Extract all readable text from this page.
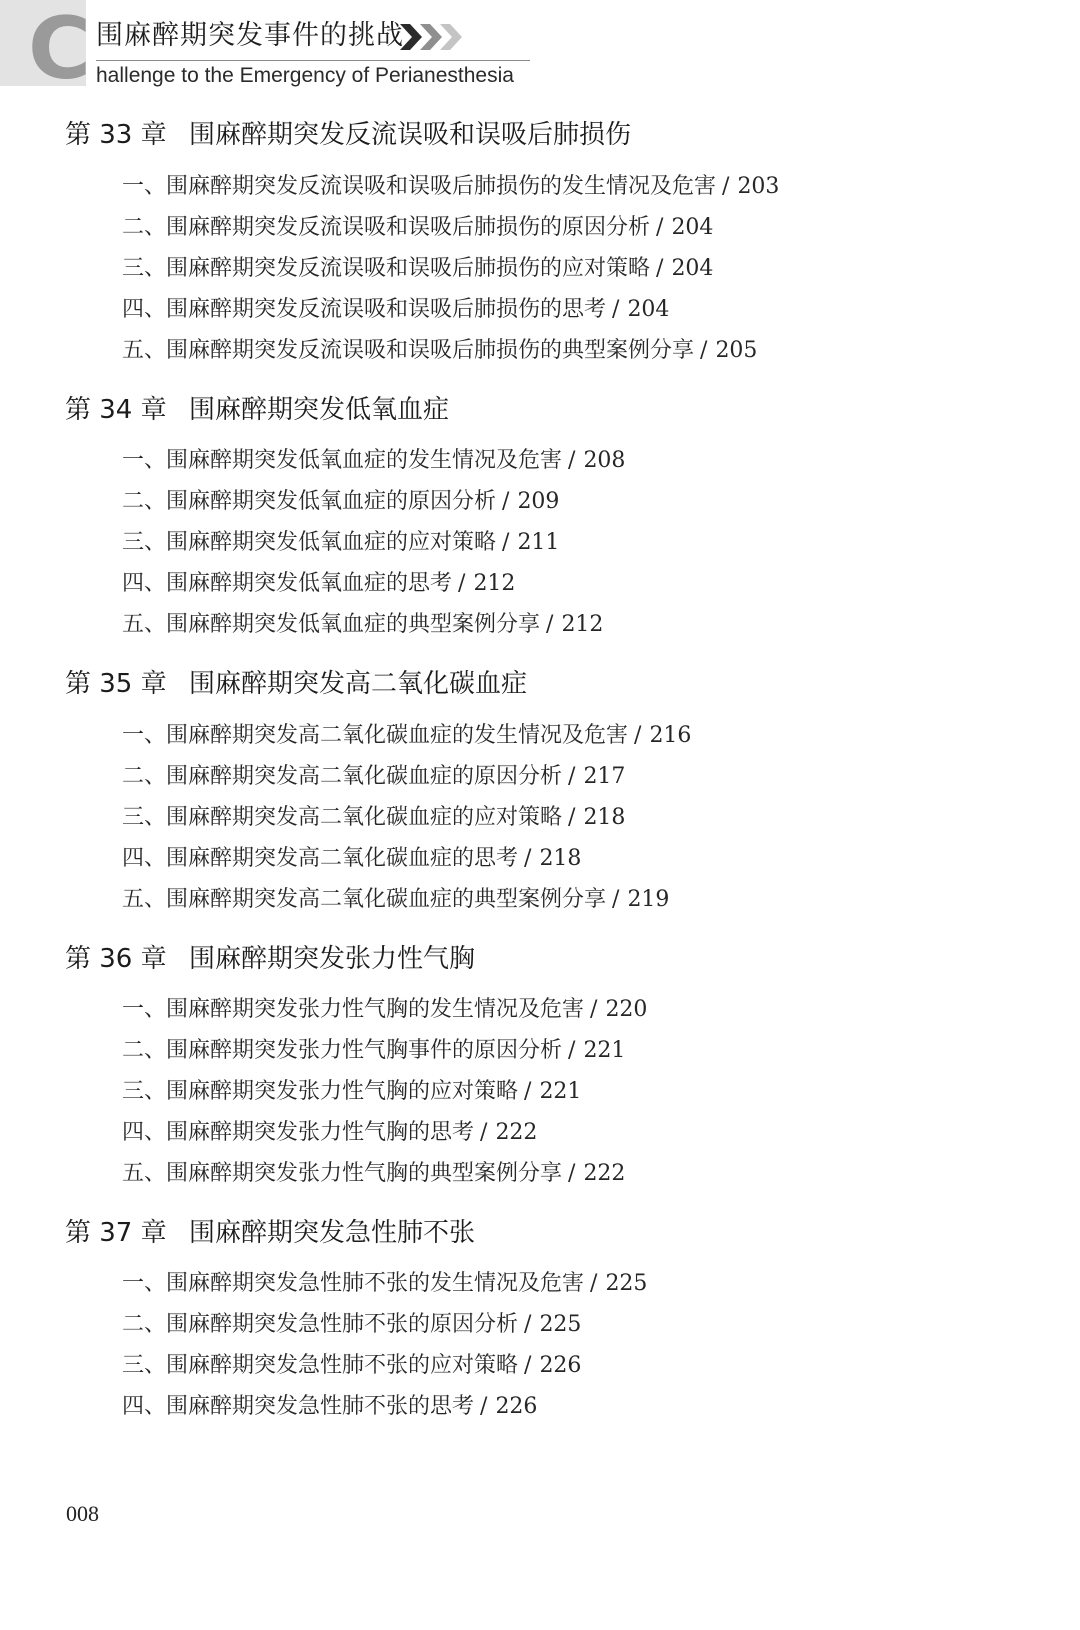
C 围麻醉期突发事件的挑战
hallenge to the Emergency of Perianesthesia
第 33 章 围麻醉期突发反流误吸和误吸后肺损伤
一、围麻醉期突发反流误吸和误吸后肺损伤的发生情况及危害 / 203
二、围麻醉期突发反流误吸和误吸后肺损伤的原因分析 / 204
三、围麻醉期突发反流误吸和误吸后肺损伤的应对策略 / 204
四、围麻醉期突发反流误吸和误吸后肺损伤的思考 / 204
五、围麻醉期突发反流误吸和误吸后肺损伤的典型案例分享 / 205
第 34 章 围麻醉期突发低氧血症
一、围麻醉期突发低氧血症的发生情况及危害 / 208
二、围麻醉期突发低氧血症的原因分析 / 209
三、围麻醉期突发低氧血症的应对策略 / 211
四、围麻醉期突发低氧血症的思考 / 212
五、围麻醉期突发低氧血症的典型案例分享 / 212
第 35 章 围麻醉期突发高二氧化碳血症
一、围麻醉期突发高二氧化碳血症的发生情况及危害 / 216
二、围麻醉期突发高二氧化碳血症的原因分析 / 217
三、围麻醉期突发高二氧化碳血症的应对策略 / 218
四、围麻醉期突发高二氧化碳血症的思考 / 218
五、围麻醉期突发高二氧化碳血症的典型案例分享 / 219
第 36 章 围麻醉期突发张力性气胸
一、围麻醉期突发张力性气胸的发生情况及危害 / 220
二、围麻醉期突发张力性气胸事件的原因分析 / 221
三、围麻醉期突发张力性气胸的应对策略 / 221
四、围麻醉期突发张力性气胸的思考 / 222
五、围麻醉期突发张力性气胸的典型案例分享 / 222
第 37 章 围麻醉期突发急性肺不张
一、围麻醉期突发急性肺不张的发生情况及危害 / 225
二、围麻醉期突发急性肺不张的原因分析 / 225
三、围麻醉期突发急性肺不张的应对策略 / 226
四、围麻醉期突发急性肺不张的思考 / 226
008
